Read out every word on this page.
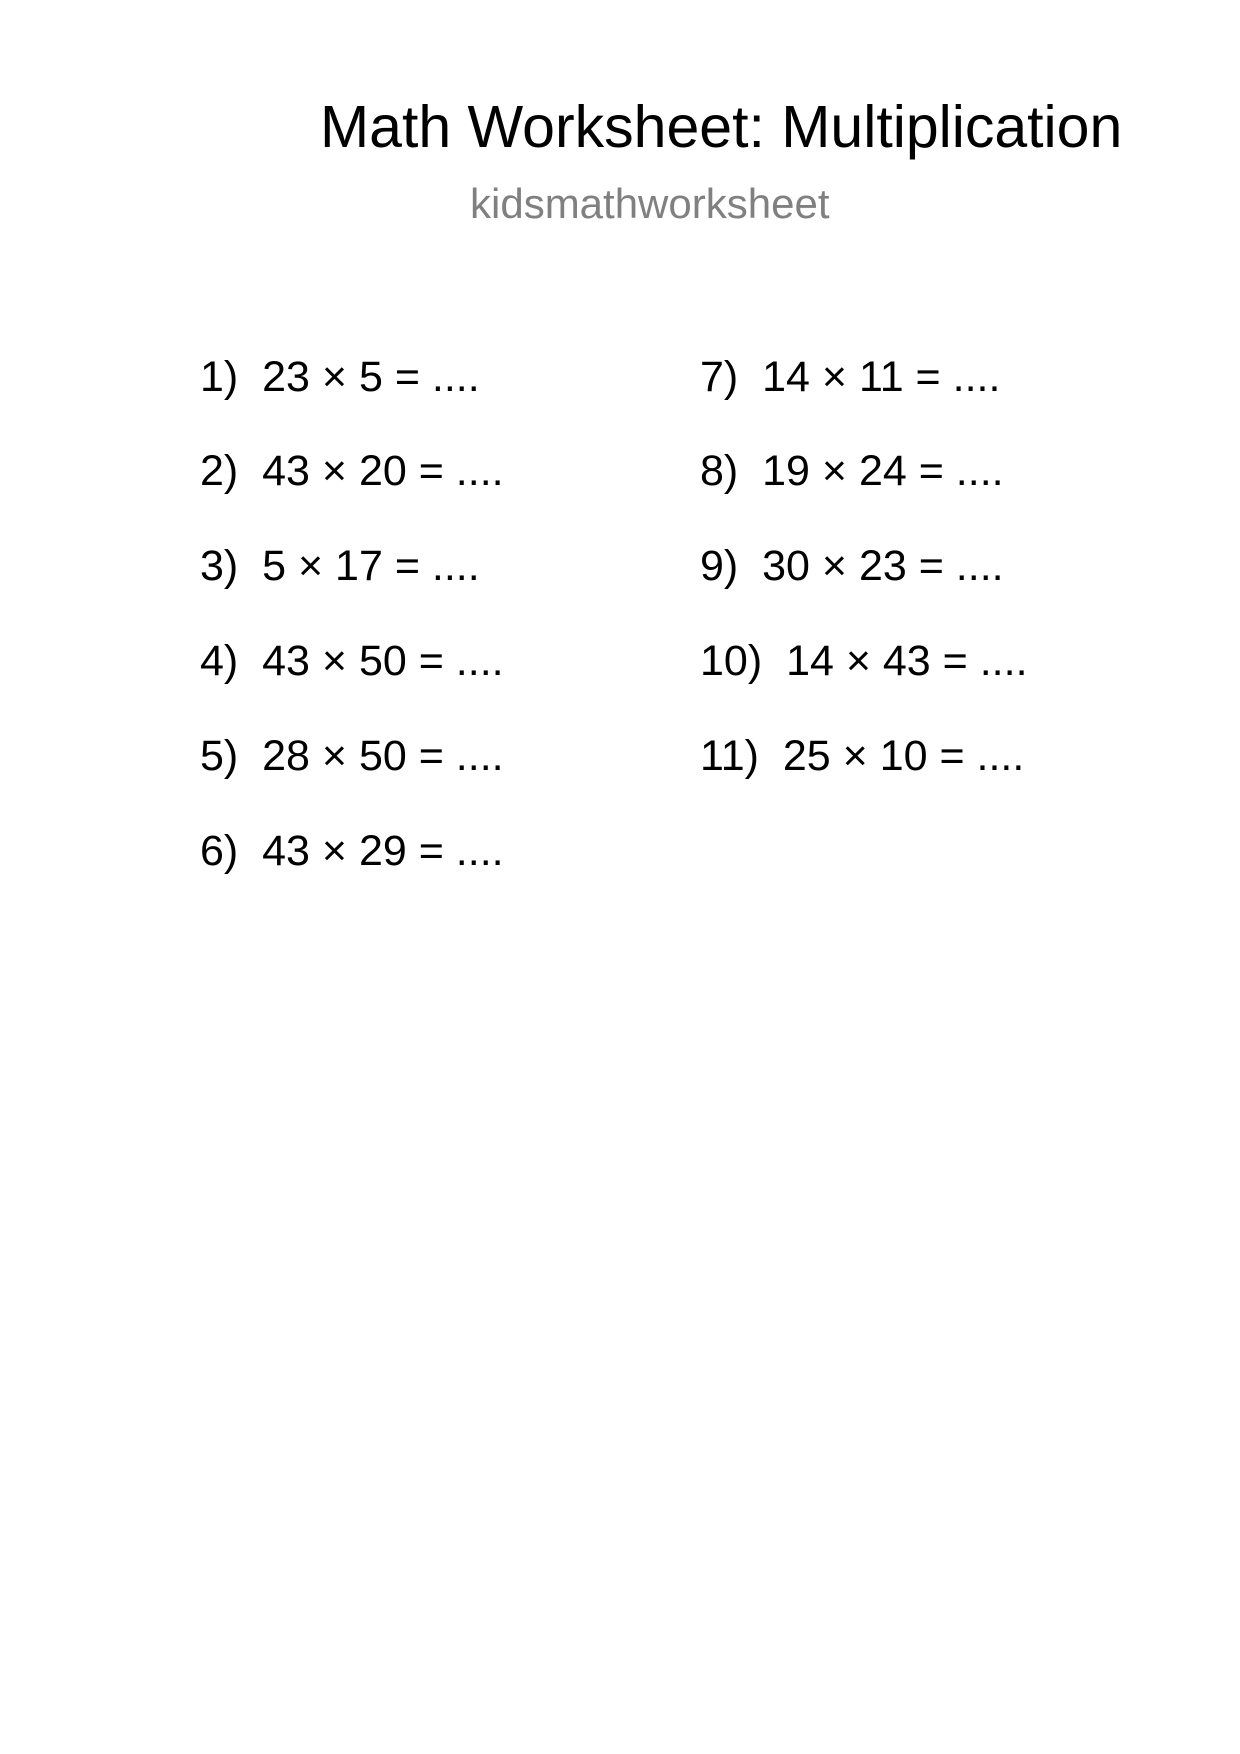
Math Worksheet: Multiplication
kidsmathworksheet
1) 23 × 5 = ....
2) 43 × 20 = ....
3) 5 × 17 = ....
4) 43 × 50 = ....
5) 28 × 50 = ....
6) 43 × 29 = ....
7) 14 × 11 = ....
8) 19 × 24 = ....
9) 30 × 23 = ....
10) 14 × 43 = ....
11) 25 × 10 = ....
